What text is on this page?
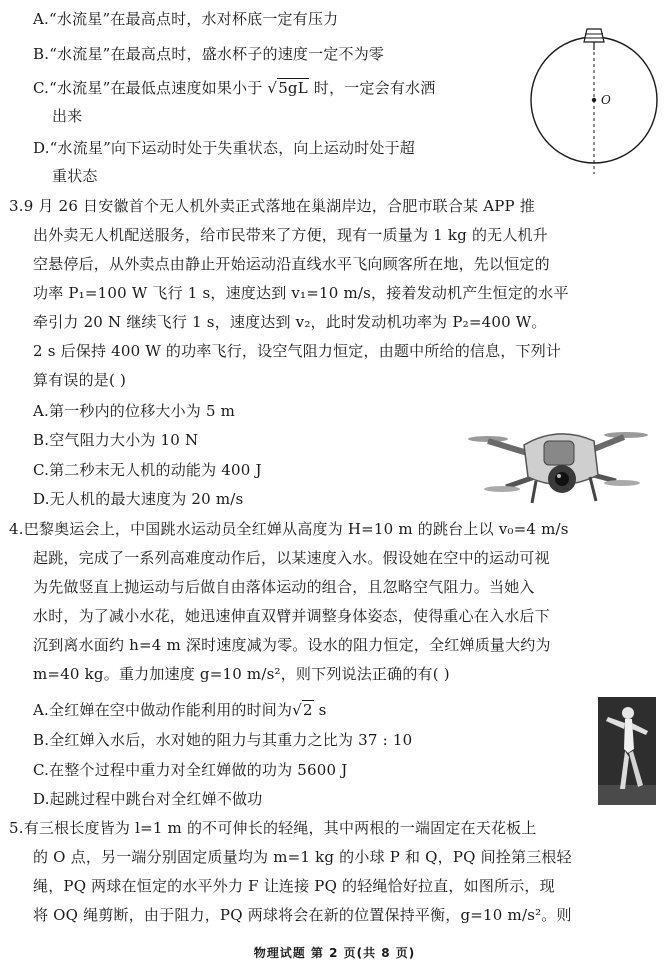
A.“水流星”在最高点时，水对杯底一定有压力
B.“水流星”在最高点时，盛水杯子的速度一定不为零
C.“水流星”在最低点速度如果小于 √5gL 时，一定会有水洒
出来
D.“水流星”向下运动时处于失重状态，向上运动时处于超
重状态
O
3.9 月 26 日安徽首个无人机外卖正式落地在巢湖岸边，合肥市联合某 APP 推
出外卖无人机配送服务，给市民带来了方便，现有一质量为 1 kg 的无人机升
空悬停后，从外卖点由静止开始运动沿直线水平飞向顾客所在地，先以恒定的
功率 P₁=100 W 飞行 1 s，速度达到 v₁=10 m/s，接着发动机产生恒定的水平
牵引力 20 N 继续飞行 1 s，速度达到 v₂，此时发动机功率为 P₂=400 W。
2 s 后保持 400 W 的功率飞行，设空气阻力恒定，由题中所给的信息，下列计
算有误的是( )
A.第一秒内的位移大小为 5 m
B.空气阻力大小为 10 N
C.第二秒末无人机的动能为 400 J
D.无人机的最大速度为 20 m/s
4.巴黎奥运会上，中国跳水运动员全红婵从高度为 H=10 m 的跳台上以 v₀=4 m/s
起跳，完成了一系列高难度动作后，以某速度入水。假设她在空中的运动可视
为先做竖直上抛运动与后做自由落体运动的组合，且忽略空气阻力。当她入
水时，为了减小水花，她迅速伸直双臂并调整身体姿态，使得重心在入水后下
沉到离水面约 h=4 m 深时速度减为零。设水的阻力恒定，全红婵质量大约为
m=40 kg。重力加速度 g=10 m/s²，则下列说法正确的有( )
A.全红婵在空中做动作能利用的时间为√2 s
B.全红婵入水后，水对她的阻力与其重力之比为 37 : 10
C.在整个过程中重力对全红婵做的功为 5600 J
D.起跳过程中跳台对全红婵不做功
5.有三根长度皆为 l=1 m 的不可伸长的轻绳，其中两根的一端固定在天花板上
的 O 点，另一端分别固定质量均为 m=1 kg 的小球 P 和 Q，PQ 间拴第三根轻
绳，PQ 两球在恒定的水平外力 F 让连接 PQ 的轻绳恰好拉直，如图所示，现
将 OQ 绳剪断，由于阻力，PQ 两球将会在新的位置保持平衡，g=10 m/s²。则
物理试题 第 2 页(共 8 页)
